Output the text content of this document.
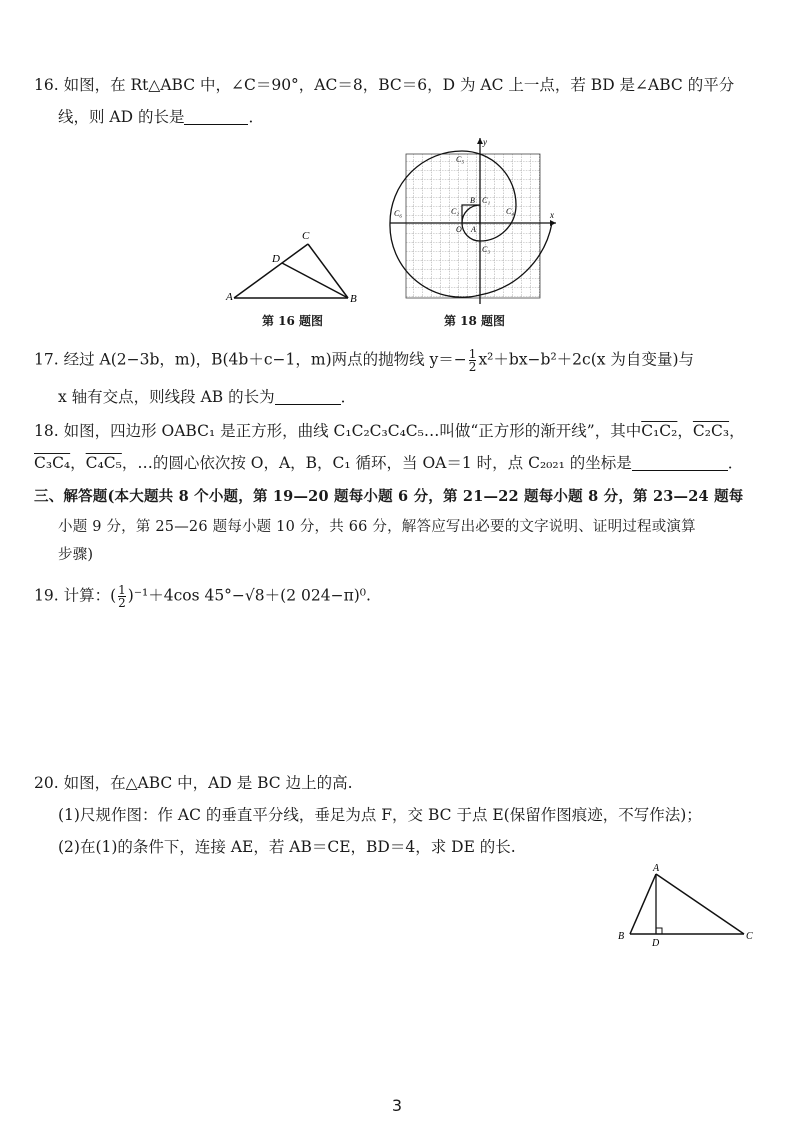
16. 如图，在 Rt△ABC 中，∠C＝90°，AC＝8，BC＝6，D 为 AC 上一点，若 BD 是∠ABC 的平分
线，则 AD 的长是	．
A
C
D
B
第 16 题图
y
x
O A
B C₁
C₂
C₃
C₄
C₅
C₆
第 18 题图
17. 经过 A(2−3b，m)，B(4b＋c−1，m)两点的抛物线 $y=- \frac{1}{2} x^2+bx-b^2+2c(x$ 为自变量)与
x 轴有交点，则线段 AB 的长为	．
18. 如图，四边形 OABC₁ 是正方形，曲线 C₁C₂C₃C₄C₅…叫做“正方形的渐开线”，其中C₁C₂，C₂C₃，
C₃C₄，C₄C₅，…的圆心依次按 O，A，B，C₁ 循环，当 OA＝1 时，点 C₂₀₂₁ 的坐标是	．
三、解答题(本大题共 8 个小题，第 19—20 题每小题 6 分，第 21—22 题每小题 8 分，第 23—24 题每
小题 9 分，第 25—26 题每小题 10 分，共 66 分，解答应写出必要的文字说明、证明过程或演算
步骤)
19. 计算：( $\frac{1}{2} )^{-1}+4\cos$ 45°−√8＋(2 024−π)⁰.
20. 如图，在△ABC 中，AD 是 BC 边上的高.
(1)尺规作图：作 AC 的垂直平分线，垂足为点 F，交 BC 于点 E(保留作图痕迹，不写作法)；
(2)在(1)的条件下，连接 AE，若 AB＝CE，BD＝4，求 DE 的长.
A
B
D
C
3
